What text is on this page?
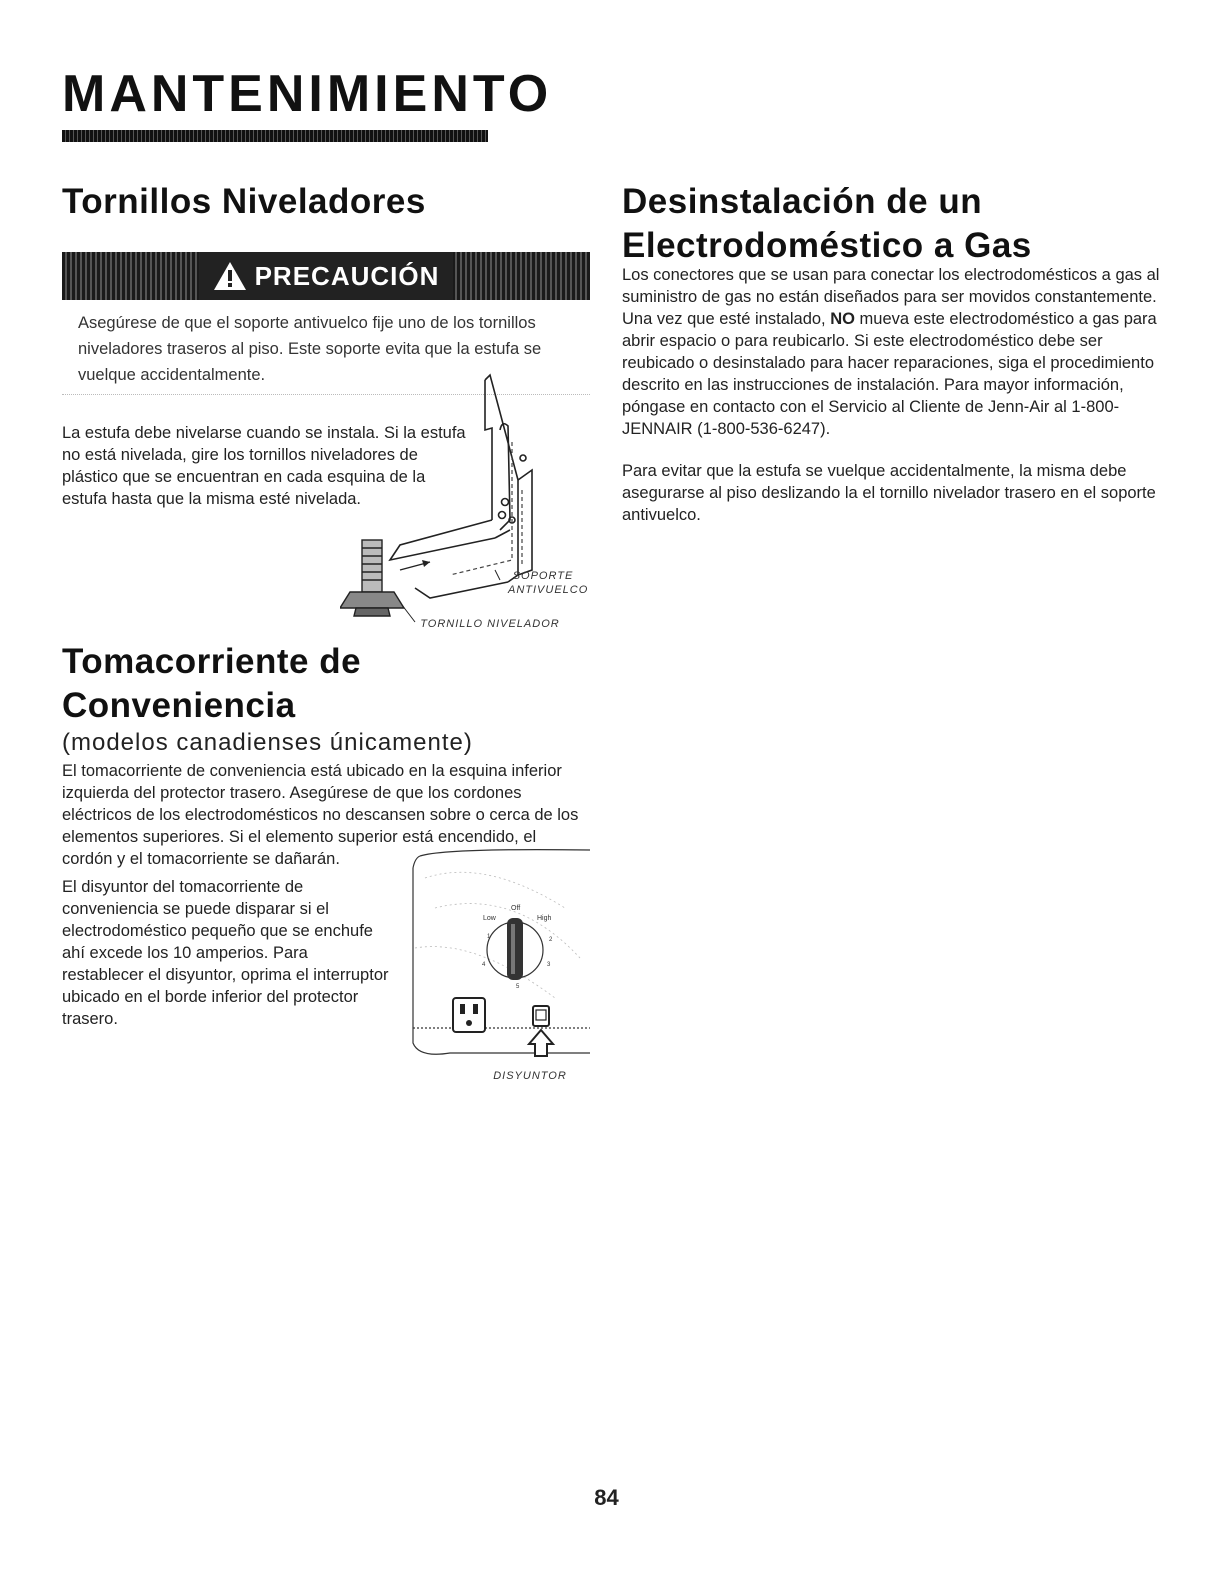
MANTENIMIENTO
Tornillos Niveladores
PRECAUCIÓN
Asegúrese de que el soporte antivuelco fije uno de los tornillos niveladores traseros al piso. Este soporte evita que la estufa se vuelque accidentalmente.
La estufa debe nivelarse cuando se instala. Si la estufa no está nivelada, gire los tornillos niveladores de plástico que se encuentran en cada esquina de la estufa hasta que la misma esté nivelada.
SOPORTE ANTIVUELCO
TORNILLO NIVELADOR
Tomacorriente de Conveniencia
(modelos canadienses únicamente)
El tomacorriente de conveniencia está ubicado en la esquina inferior izquierda del protector trasero. Asegúrese de que los cordones eléctricos de los electrodomésticos no descansen sobre o cerca de los elementos superiores. Si el elemento superior está encendido, el cordón y el tomacorriente se dañarán.
El disyuntor del tomacorriente de conveniencia se puede disparar si el electrodoméstico pequeño que se enchufe ahí excede los 10 amperios. Para restablecer el disyuntor, oprima el interruptor ubicado en el borde inferior del protector trasero.
Low
Off
High
1	2
3
4
5
DISYUNTOR
Desinstalación de un Electrodoméstico a Gas
Los conectores que se usan para conectar los electrodomésticos a gas al suministro de gas no están diseñados para ser movidos constantemente. Una vez que esté instalado, NO mueva este electrodoméstico a gas para abrir espacio o para reubicarlo. Si este electrodoméstico debe ser reubicado o desinstalado para hacer reparaciones, siga el procedimiento descrito en las instrucciones de instalación. Para mayor información, póngase en contacto con el Servicio al Cliente de Jenn-Air al 1-800-JENNAIR (1-800-536-6247).
Para evitar que la estufa se vuelque accidentalmente, la misma debe asegurarse al piso deslizando la el tornillo nivelador trasero en el soporte antivuelco.
84
